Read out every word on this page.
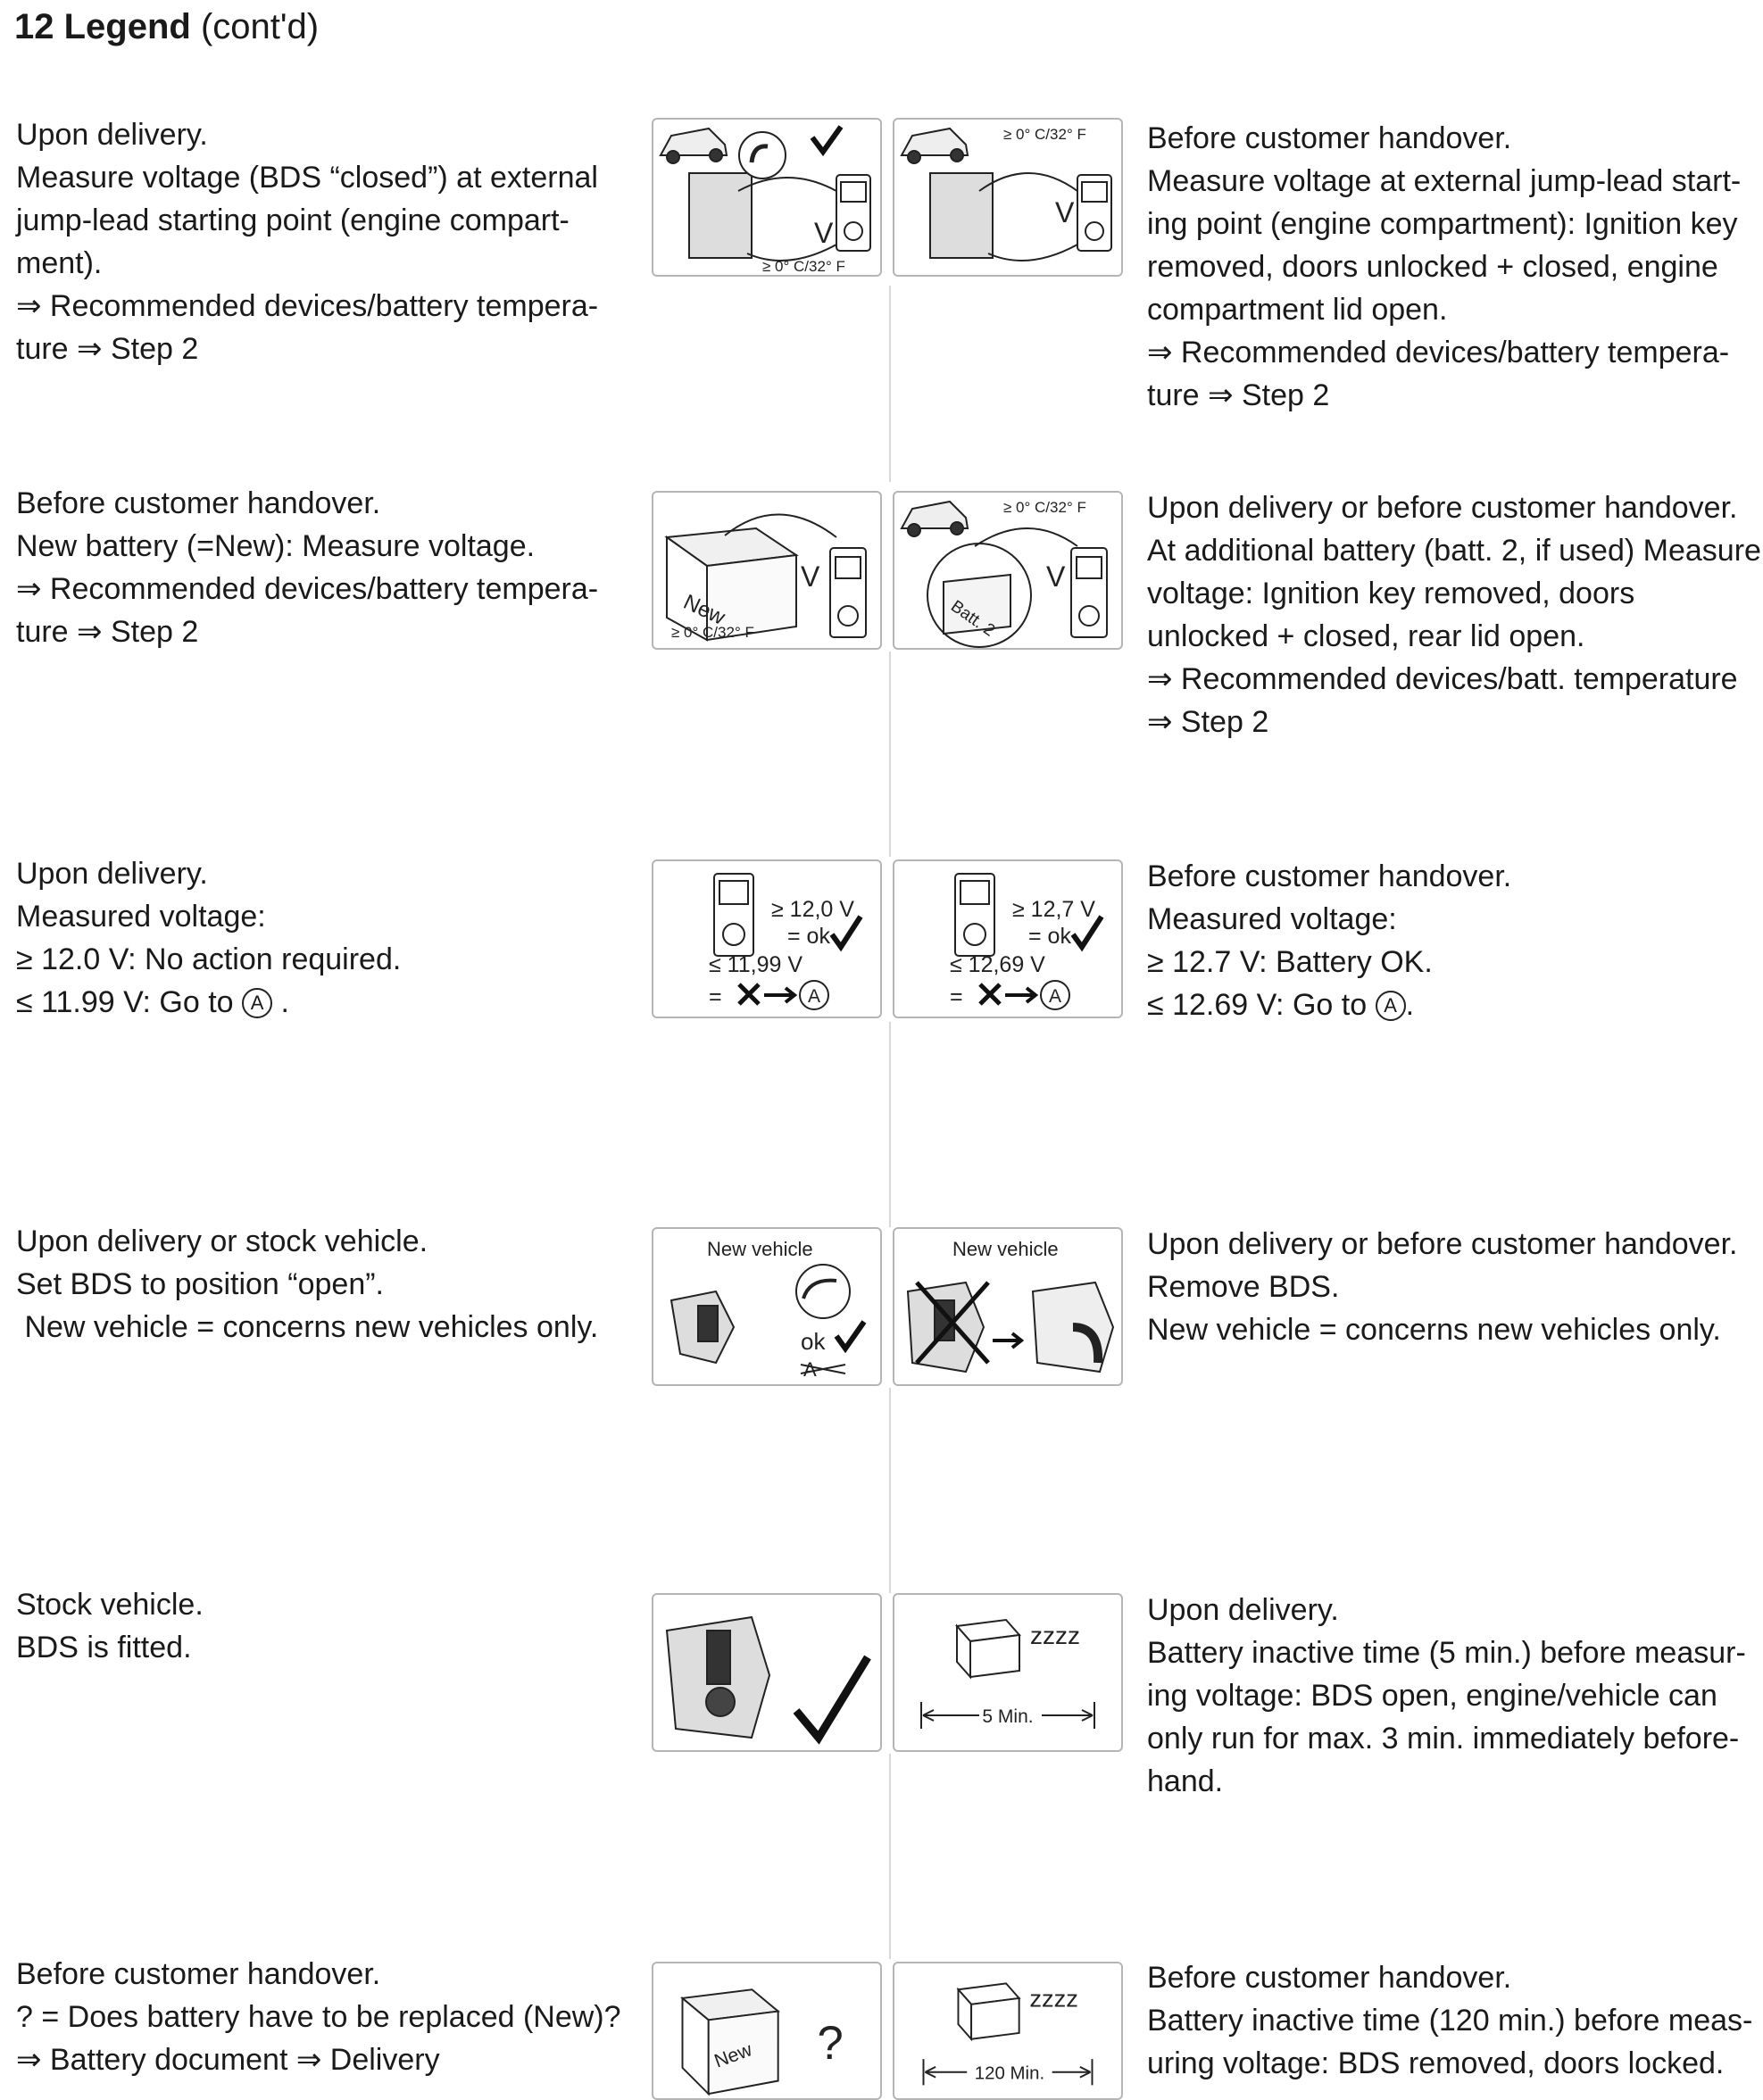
12 Legend (cont'd)
Upon delivery.
Measure voltage (BDS “closed”) at external
jump-lead starting point (engine compart-
ment).
⇒ Recommended devices/battery tempera-
ture ⇒ Step 2
V
≥ 0° C/32° F
V
≥ 0° C/32° F Before customer handover.
Measure voltage at external jump-lead start-
ing point (engine compartment): Ignition key
removed, doors unlocked + closed, engine
compartment lid open.
⇒ Recommended devices/battery tempera-
ture ⇒ Step 2
Before customer handover.
New battery (=New): Measure voltage.
⇒ Recommended devices/battery tempera-
ture ⇒ Step 2
New
V
≥ 0° C/32° F	Batt. 2
V
≥ 0° C/32° F Upon delivery or before customer handover.
At additional battery (batt. 2, if used) Measure
voltage: Ignition key removed, doors
unlocked + closed, rear lid open.
⇒ Recommended devices/batt. temperature
⇒ Step 2
Upon delivery.
Measured voltage:
≥ 12.0 V: No action required.
≤ 11.99 V: Go to A .
≥ 12,0 V
= ok
≤ 11,99 V
=	A
≥ 12,7 V
= ok
≤ 12,69 V
=	A
Before customer handover.
Measured voltage:
≥ 12.7 V: Battery OK.
≤ 12.69 V: Go to A .
Upon delivery or stock vehicle.
Set BDS to position “open”.
New vehicle = concerns new vehicles only.
New vehicle
ok
A
New vehicle	Upon delivery or before customer handover.
Remove BDS.
New vehicle = concerns new vehicles only.
Stock vehicle.
BDS is fitted.	zzzz
5 Min.
Upon delivery.
Battery inactive time (5 min.) before measur-
ing voltage: BDS open, engine/vehicle can
only run for max. 3 min. immediately before-
hand.
Before customer handover.
? = Does battery have to be replaced (New)?
⇒ Battery document ⇒ Delivery	New ?
zzzz
120 Min.
Before customer handover.
Battery inactive time (120 min.) before meas-
uring voltage: BDS removed, doors locked.
